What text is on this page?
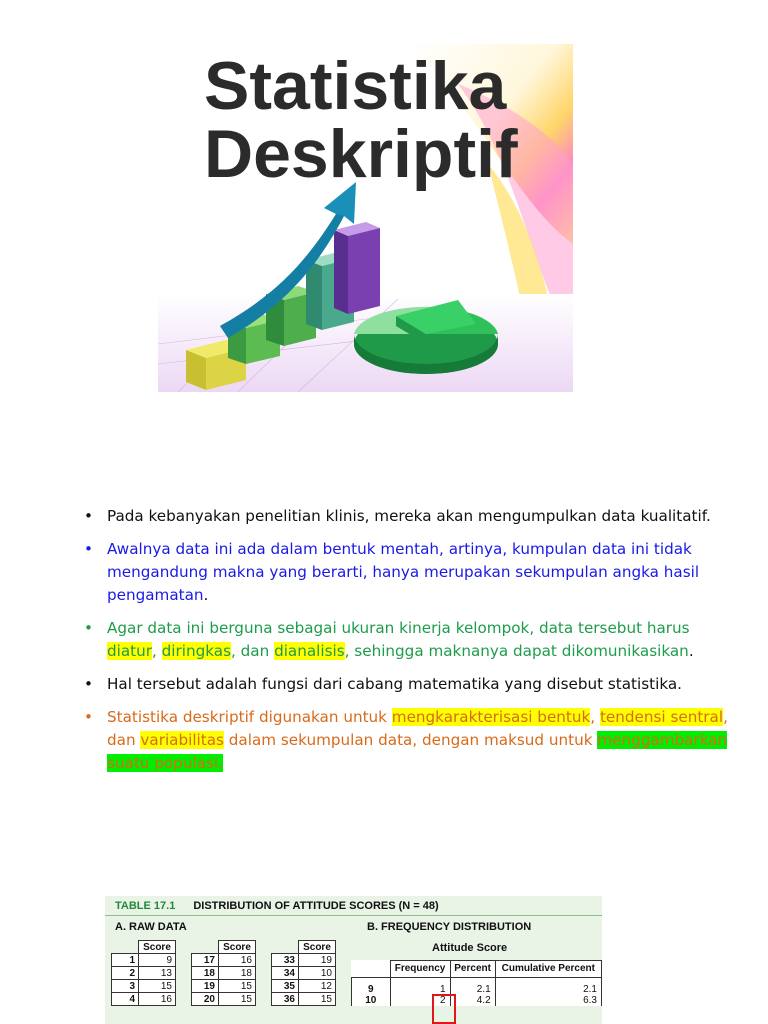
Statistika
Deskriptif
• Pada kebanyakan penelitian klinis, mereka akan mengumpulkan data kualitatif.
• Awalnya data ini ada dalam bentuk mentah, artinya, kumpulan data ini tidak mengandung makna yang berarti, hanya merupakan sekumpulan angka hasil pengamatan.
• Agar data ini berguna sebagai ukuran kinerja kelompok, data tersebut harus diatur, diringkas, dan dianalisis, sehingga maknanya dapat dikomunikasikan.
• Hal tersebut adalah fungsi dari cabang matematika yang disebut statistika.
• Statistika deskriptif digunakan untuk mengkarakterisasi bentuk, tendensi sentral, dan variabilitas dalam sekumpulan data, dengan maksud untuk menggambarkan suatu populasi.
TABLE 17.1 DISTRIBUTION OF ATTITUDE SCORES (N = 48)
A. RAW DATA	B. FREQUENCY DISTRIBUTION
	Score
1	9
2	13
3	15
4	16
	Score
17	16
18	18
19	15
20	15
	Score
33	19
34	10
35	12
36	15
Attitude Score
	Frequency	Percent	Cumulative Percent

9	1	2.1	2.1
10	2	4.2	6.3
